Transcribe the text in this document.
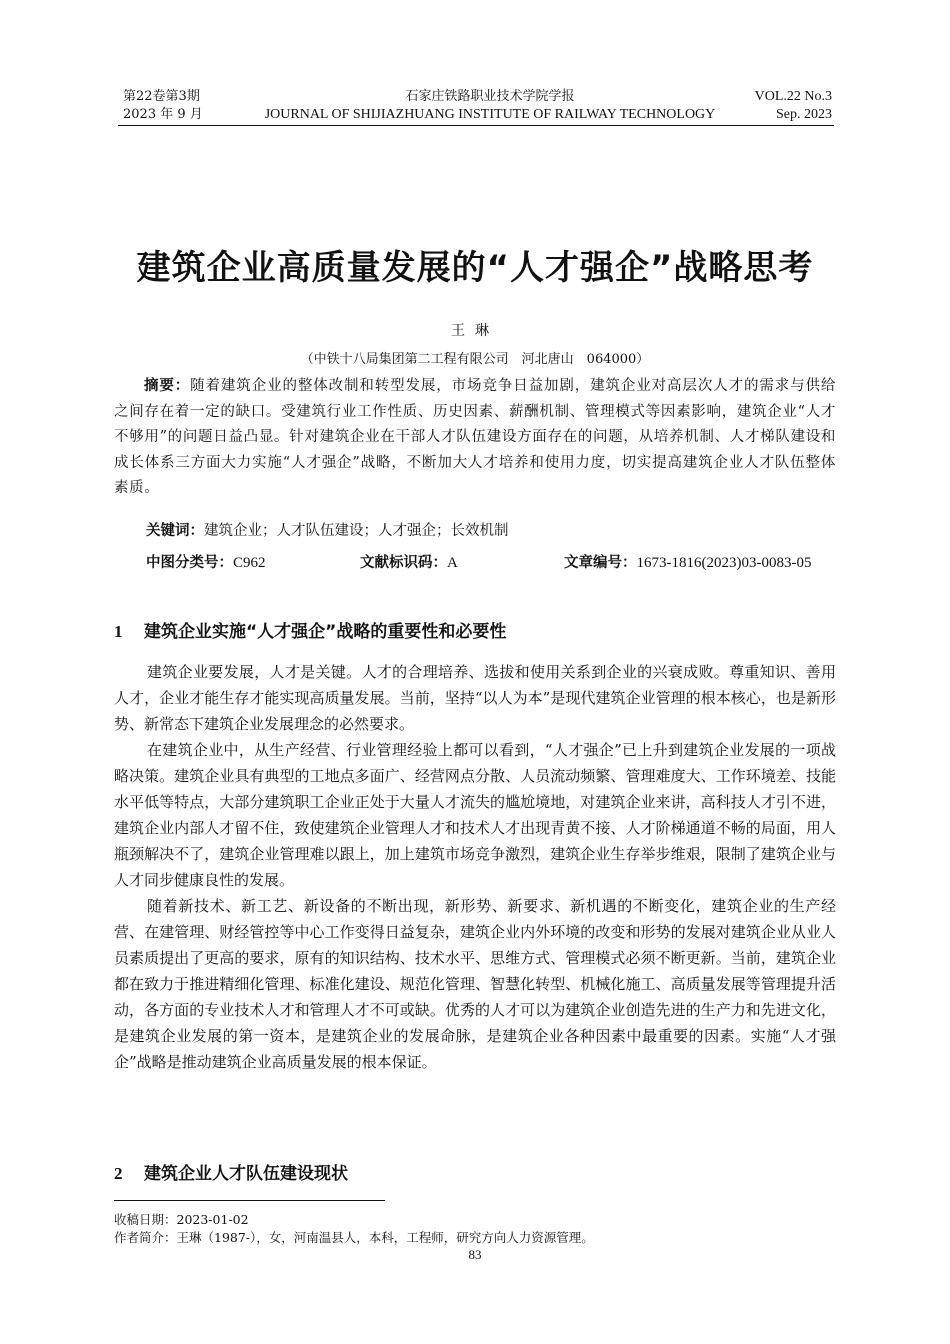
第22卷第3期
2023 年 9 月
石家庄铁路职业技术学院学报
JOURNAL OF SHIJIAZHUANG INSTITUTE OF RAILWAY TECHNOLOGY
VOL.22 No.3
Sep. 2023
建筑企业高质量发展的“人才强企”战略思考
王琳
（中铁十八局集团第二工程有限公司　河北唐山　064000）
摘要：随着建筑企业的整体改制和转型发展，市场竞争日益加剧，建筑企业对高层次人才的需求与供给之间存在着一定的缺口。受建筑行业工作性质、历史因素、薪酬机制、管理模式等因素影响，建筑企业“人才不够用”的问题日益凸显。针对建筑企业在干部人才队伍建设方面存在的问题，从培养机制、人才梯队建设和成长体系三方面大力实施“人才强企”战略，不断加大人才培养和使用力度，切实提高建筑企业人才队伍整体素质。
关键词：建筑企业；人才队伍建设；人才强企；长效机制
中图分类号：C962	文献标识码：A	文章编号：1673-1816(2023)03-0083-05
1 建筑企业实施“人才强企”战略的重要性和必要性

建筑企业要发展，人才是关键。人才的合理培养、选拔和使用关系到企业的兴衰成败。尊重知识、善用人才，企业才能生存才能实现高质量发展。当前，坚持“以人为本”是现代建筑企业管理的根本核心，也是新形势、新常态下建筑企业发展理念的必然要求。

在建筑企业中，从生产经营、行业管理经验上都可以看到，“人才强企”已上升到建筑企业发展的一项战略决策。建筑企业具有典型的工地点多面广、经营网点分散、人员流动频繁、管理难度大、工作环境差、技能水平低等特点，大部分建筑职工企业正处于大量人才流失的尴尬境地，对建筑企业来讲，高科技人才引不进，建筑企业内部人才留不住，致使建筑企业管理人才和技术人才出现青黄不接、人才阶梯通道不畅的局面，用人瓶颈解决不了，建筑企业管理难以跟上，加上建筑市场竞争激烈，建筑企业生存举步维艰，限制了建筑企业与人才同步健康良性的发展。

随着新技术、新工艺、新设备的不断出现，新形势、新要求、新机遇的不断变化，建筑企业的生产经营、在建管理、财经管控等中心工作变得日益复杂，建筑企业内外环境的改变和形势的发展对建筑企业从业人员素质提出了更高的要求，原有的知识结构、技术水平、思维方式、管理模式必须不断更新。当前，建筑企业都在致力于推进精细化管理、标准化建设、规范化管理、智慧化转型、机械化施工、高质量发展等管理提升活动，各方面的专业技术人才和管理人才不可或缺。优秀的人才可以为建筑企业创造先进的生产力和先进文化，是建筑企业发展的第一资本，是建筑企业的发展命脉，是建筑企业各种因素中最重要的因素。实施“人才强企”战略是推动建筑企业高质量发展的根本保证。

2 建筑企业人才队伍建设现状
收稿日期：2023-01-02
作者简介：王琳（1987-），女，河南温县人，本科，工程师，研究方向人力资源管理。
83
